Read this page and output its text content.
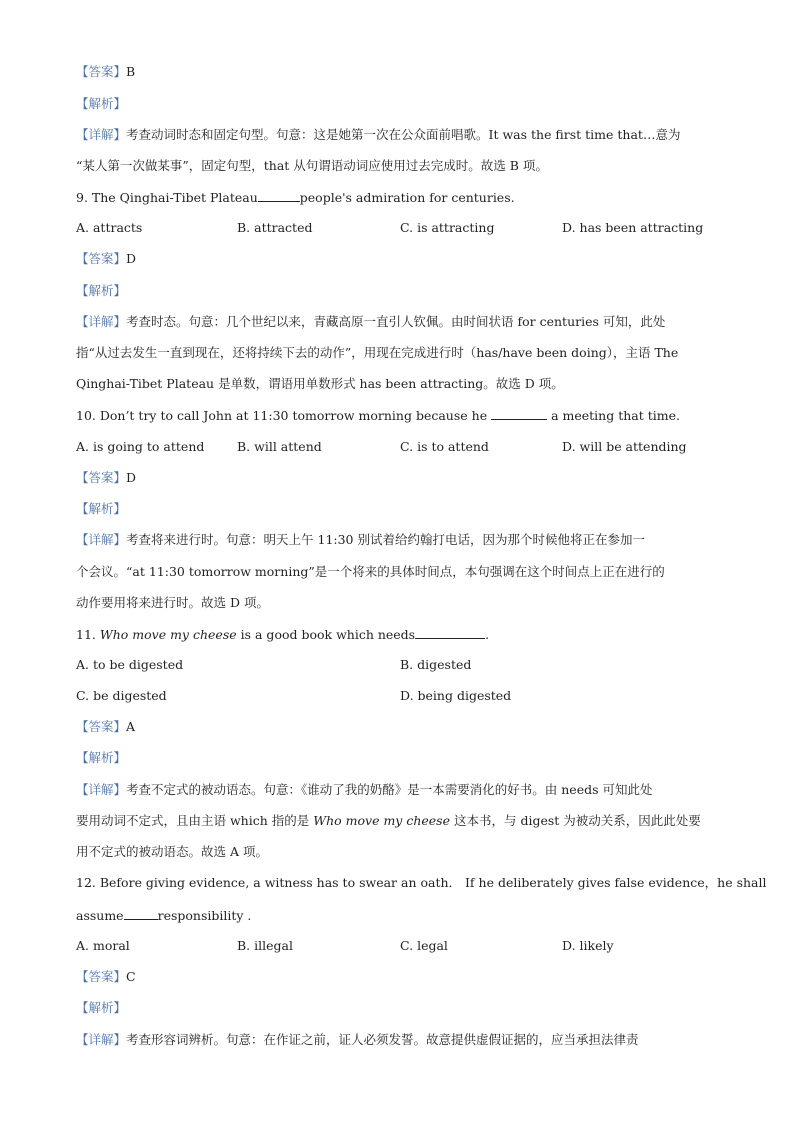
【答案】B
【解析】
【详解】考查动词时态和固定句型。句意：这是她第一次在公众面前唱歌。It was the first time that…意为
“某人第一次做某事”，固定句型，that 从句谓语动词应使用过去完成时。故选 B 项。
9. The Qinghai-Tibet Plateau	people's admiration for centuries.
A. attracts	B. attracted	C. is attracting	D. has been attracting
【答案】D
【解析】
【详解】考查时态。句意：几个世纪以来，青藏高原一直引人钦佩。由时间状语 for centuries 可知，此处
指“从过去发生一直到现在，还将持续下去的动作”，用现在完成进行时（has/have been doing），主语 The
Qinghai-Tibet Plateau 是单数，谓语用单数形式 has been attracting。故选 D 项。
10. Don’t try to call John at 11:30 tomorrow morning because he	a meeting that time.
A. is going to attend	B. will attend	C. is to attend	D. will be attending
【答案】D
【解析】
【详解】考查将来进行时。句意：明天上午 11:30 别试着给约翰打电话，因为那个时候他将正在参加一
个会议。“at 11:30 tomorrow morning”是一个将来的具体时间点，本句强调在这个时间点上正在进行的
动作要用将来进行时。故选 D 项。
11. Who move my cheese is a good book which needs	.
A. to be digested	B. digested
C. be digested	D. being digested
【答案】A
【解析】
【详解】考查不定式的被动语态。句意：《谁动了我的奶酪》是一本需要消化的好书。由 needs 可知此处
要用动词不定式，且由主语 which 指的是 Who move my cheese 这本书，与 digest 为被动关系，因此此处要
用不定式的被动语态。故选 A 项。
12. Before giving evidence, a witness has to swear an oath． If he deliberately gives false evidence，he shall
assume	responsibility .
A. moral	B. illegal	C. legal	D. likely
【答案】C
【解析】
【详解】考查形容词辨析。句意：在作证之前，证人必须发誓。故意提供虚假证据的，应当承担法律责
